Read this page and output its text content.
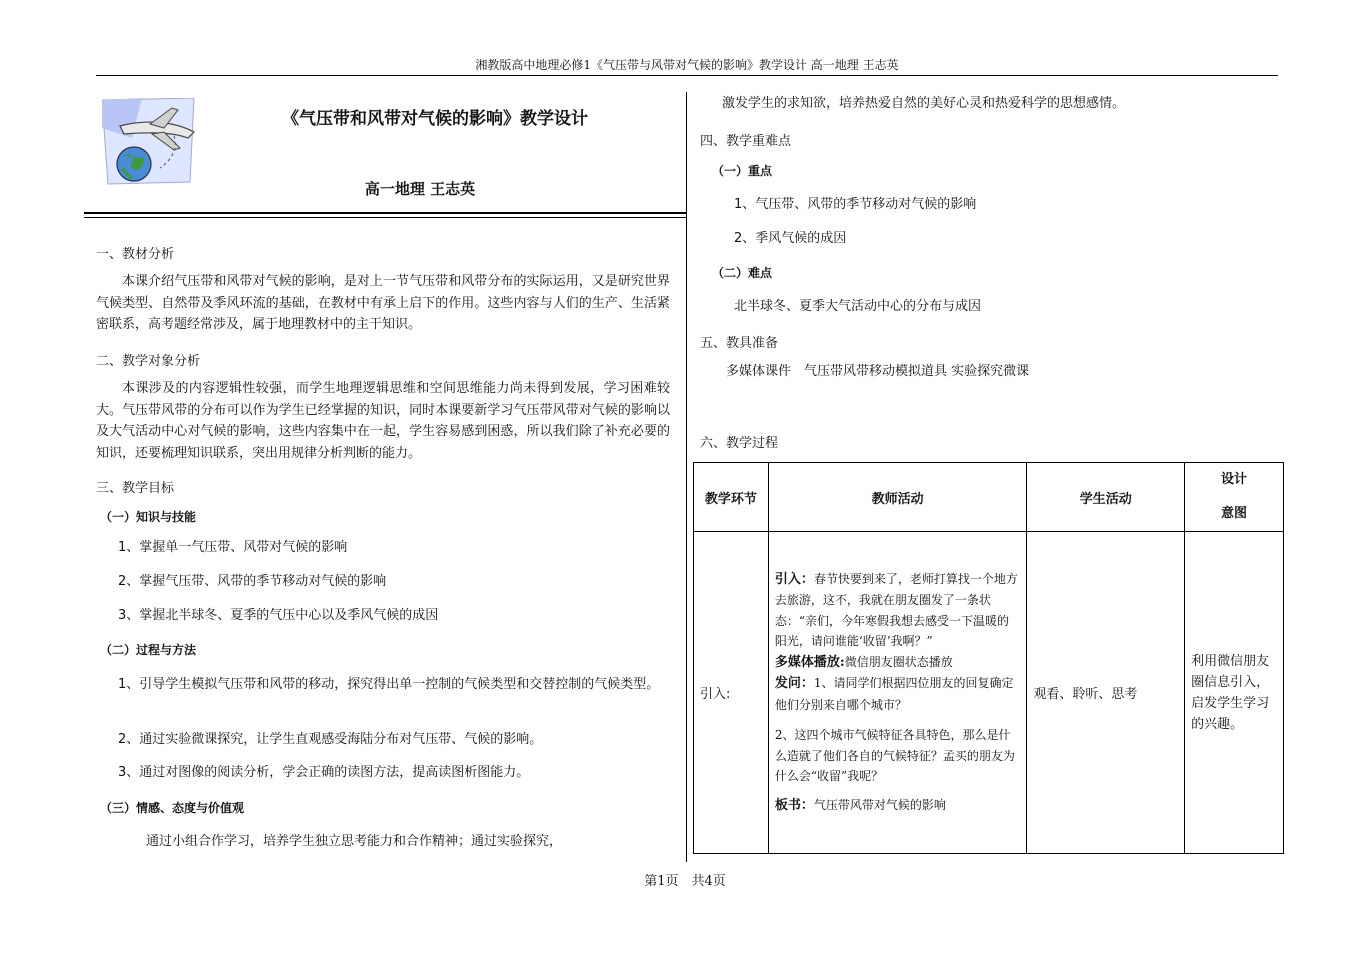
湘教版高中地理必修1《气压带与风带对气候的影响》教学设计 高一地理 王志英
《气压带和风带对气候的影响》教学设计
高一地理 王志英
一、教材分析
本课介绍气压带和风带对气候的影响，是对上一节气压带和风带分布的实际运用，又是研究世界气候类型、自然带及季风环流的基础，在教材中有承上启下的作用。这些内容与人们的生产、生活紧密联系，高考题经常涉及，属于地理教材中的主干知识。
二、教学对象分析
本课涉及的内容逻辑性较强，而学生地理逻辑思维和空间思维能力尚未得到发展，学习困难较大。气压带风带的分布可以作为学生已经掌握的知识，同时本课要新学习气压带风带对气候的影响以及大气活动中心对气候的影响，这些内容集中在一起，学生容易感到困惑，所以我们除了补充必要的知识，还要梳理知识联系，突出用规律分析判断的能力。
三、教学目标
（一）知识与技能
1、掌握单一气压带、风带对气候的影响
2、掌握气压带、风带的季节移动对气候的影响
3、掌握北半球冬、夏季的气压中心以及季风气候的成因
（二）过程与方法
1、引导学生模拟气压带和风带的移动，探究得出单一控制的气候类型和交替控制的气候类型。
2、通过实验微课探究，让学生直观感受海陆分布对气压带、气候的影响。
3、通过对图像的阅读分析，学会正确的读图方法，提高读图析图能力。
（三）情感、态度与价值观
通过小组合作学习，培养学生独立思考能力和合作精神；通过实验探究，
激发学生的求知欲，培养热爱自然的美好心灵和热爱科学的思想感情。
四、教学重难点
（一）重点
1、气压带、风带的季节移动对气候的影响
2、季风气候的成因
（二）难点
北半球冬、夏季大气活动中心的分布与成因
五、教具准备
多媒体课件　气压带风带移动模拟道具 实验探究微课
六、教学过程
教学环节	教师活动	学生活动	设计
意图

引入:	引入：春节快要到来了，老师打算找一个地方去旅游，这不，我就在朋友圈发了一条状态：“亲们，今年寒假我想去感受一下温暖的阳光，请问谁能‘收留’我啊？”
多媒体播放:微信朋友圈状态播放
发问：1、请同学们根据四位朋友的回复确定他们分别来自哪个城市？
2、这四个城市气候特征各具特色，那么是什么造就了他们各自的气候特征？孟买的朋友为什么会“收留”我呢？
板书：气压带风带对气候的影响	观看、聆听、思考	利用微信朋友圈信息引入，启发学生学习的兴趣。
第1页　共4页
